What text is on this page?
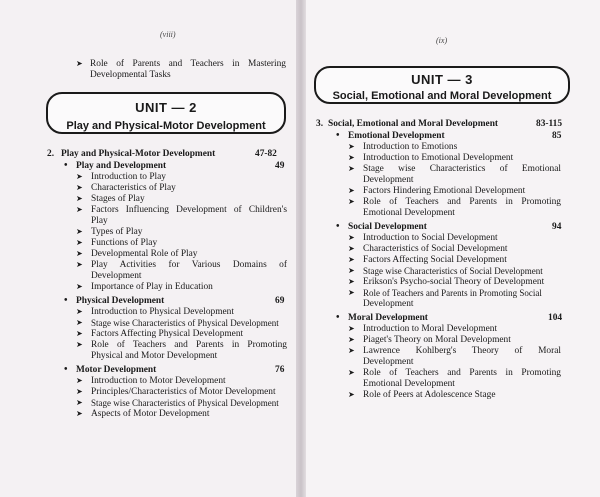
(viii)
➤ Role of Parents and Teachers in Mastering
Developmental Tasks
UNIT — 2
Play and Physical-Motor Development
2. Play and Physical-Motor Development	47-82
• Play and Development	49
➤ Introduction to Play
➤ Characteristics of Play
➤ Stages of Play
➤ Factors Influencing Development of Children's
Play
➤ Types of Play
➤ Functions of Play
➤ Developmental Role of Play
➤ Play Activities for Various Domains of
Development
➤ Importance of Play in Education
• Physical Development	69
➤ Introduction to Physical Development
➤ Stage wise Characteristics of Physical Development
➤ Factors Affecting Physical Development
➤ Role of Teachers and Parents in Promoting
Physical and Motor Development
• Motor Development	76
➤ Introduction to Motor Development
➤ Principles/Characteristics of Motor Development
➤ Stage wise Characteristics of Physical Development
➤ Aspects of Motor Development
(ix)
UNIT — 3
Social, Emotional and Moral Development
3. Social, Emotional and Moral Development	83-115
• Emotional Development	85
➤ Introduction to Emotions
➤ Introduction to Emotional Development
➤ Stage wise Characteristics of Emotional
Development
➤ Factors Hindering Emotional Development
➤ Role of Teachers and Parents in Promoting
Emotional Development
• Social Development	94
➤ Introduction to Social Development
➤ Characteristics of Social Development
➤ Factors Affecting Social Development
➤ Stage wise Characteristics of Social Development
➤ Erikson's Psycho-social Theory of Development
➤ Role of Teachers and Parents in Promoting Social
Development
• Moral Development	104
➤ Introduction to Moral Development
➤ Piaget's Theory on Moral Development
➤ Lawrence Kohlberg's Theory of Moral
Development
➤ Role of Teachers and Parents in Promoting
Emotional Development
➤ Role of Peers at Adolescence Stage
